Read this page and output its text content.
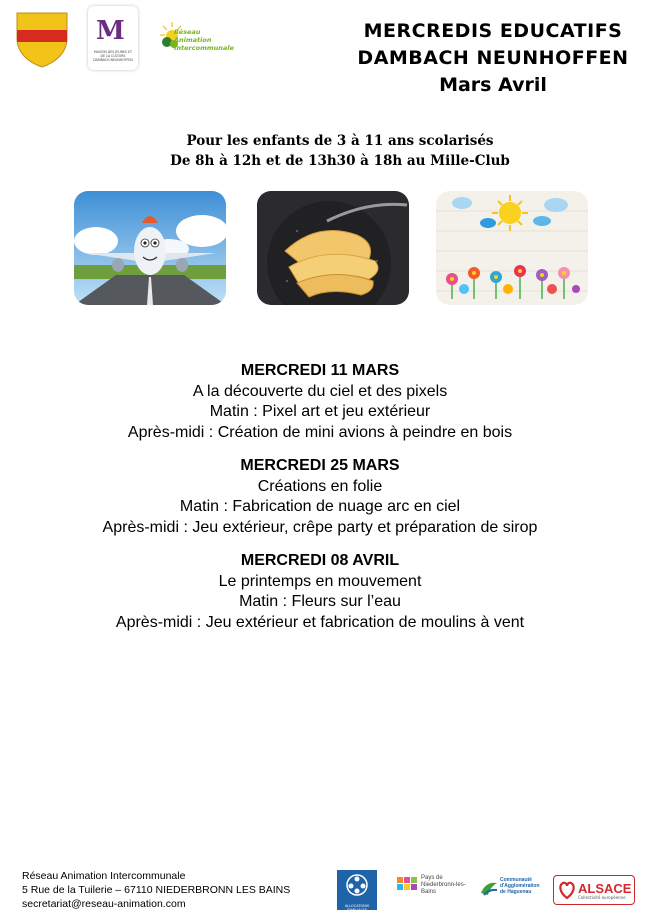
M
MAISON DES JEUNES ET DE LA CULTURE DAMBACH-NEUNHOFFEN
Réseau Animation Intercommunale
MERCREDIS EDUCATIFS
DAMBACH NEUNHOFFEN
Mars Avril
Pour les enfants de 3 à 11 ans scolarisés
De 8h à 12h et de 13h30 à 18h au Mille-Club
MERCREDI 11 MARS
A la découverte du ciel et des pixels
Matin : Pixel art et jeu extérieur
Après-midi : Création de mini avions à peindre en bois
MERCREDI 25 MARS
Créations en folie
Matin : Fabrication de nuage arc en ciel
Après-midi : Jeu extérieur, crêpe party et préparation de sirop
MERCREDI 08 AVRIL
Le printemps en mouvement
Matin : Fleurs sur l’eau
Après-midi : Jeu extérieur et fabrication de moulins à vent
Réseau Animation Intercommunale
5 Rue de la Tuilerie – 67110 NIEDERBRONN LES BAINS
secretariat@reseau-animation.com	ALLOCATIONS FAMILIALES
Pays de Niederbronn-les-Bains
Communauté d'Agglomération de Haguenau	ALSACE
Collectivité européenne
